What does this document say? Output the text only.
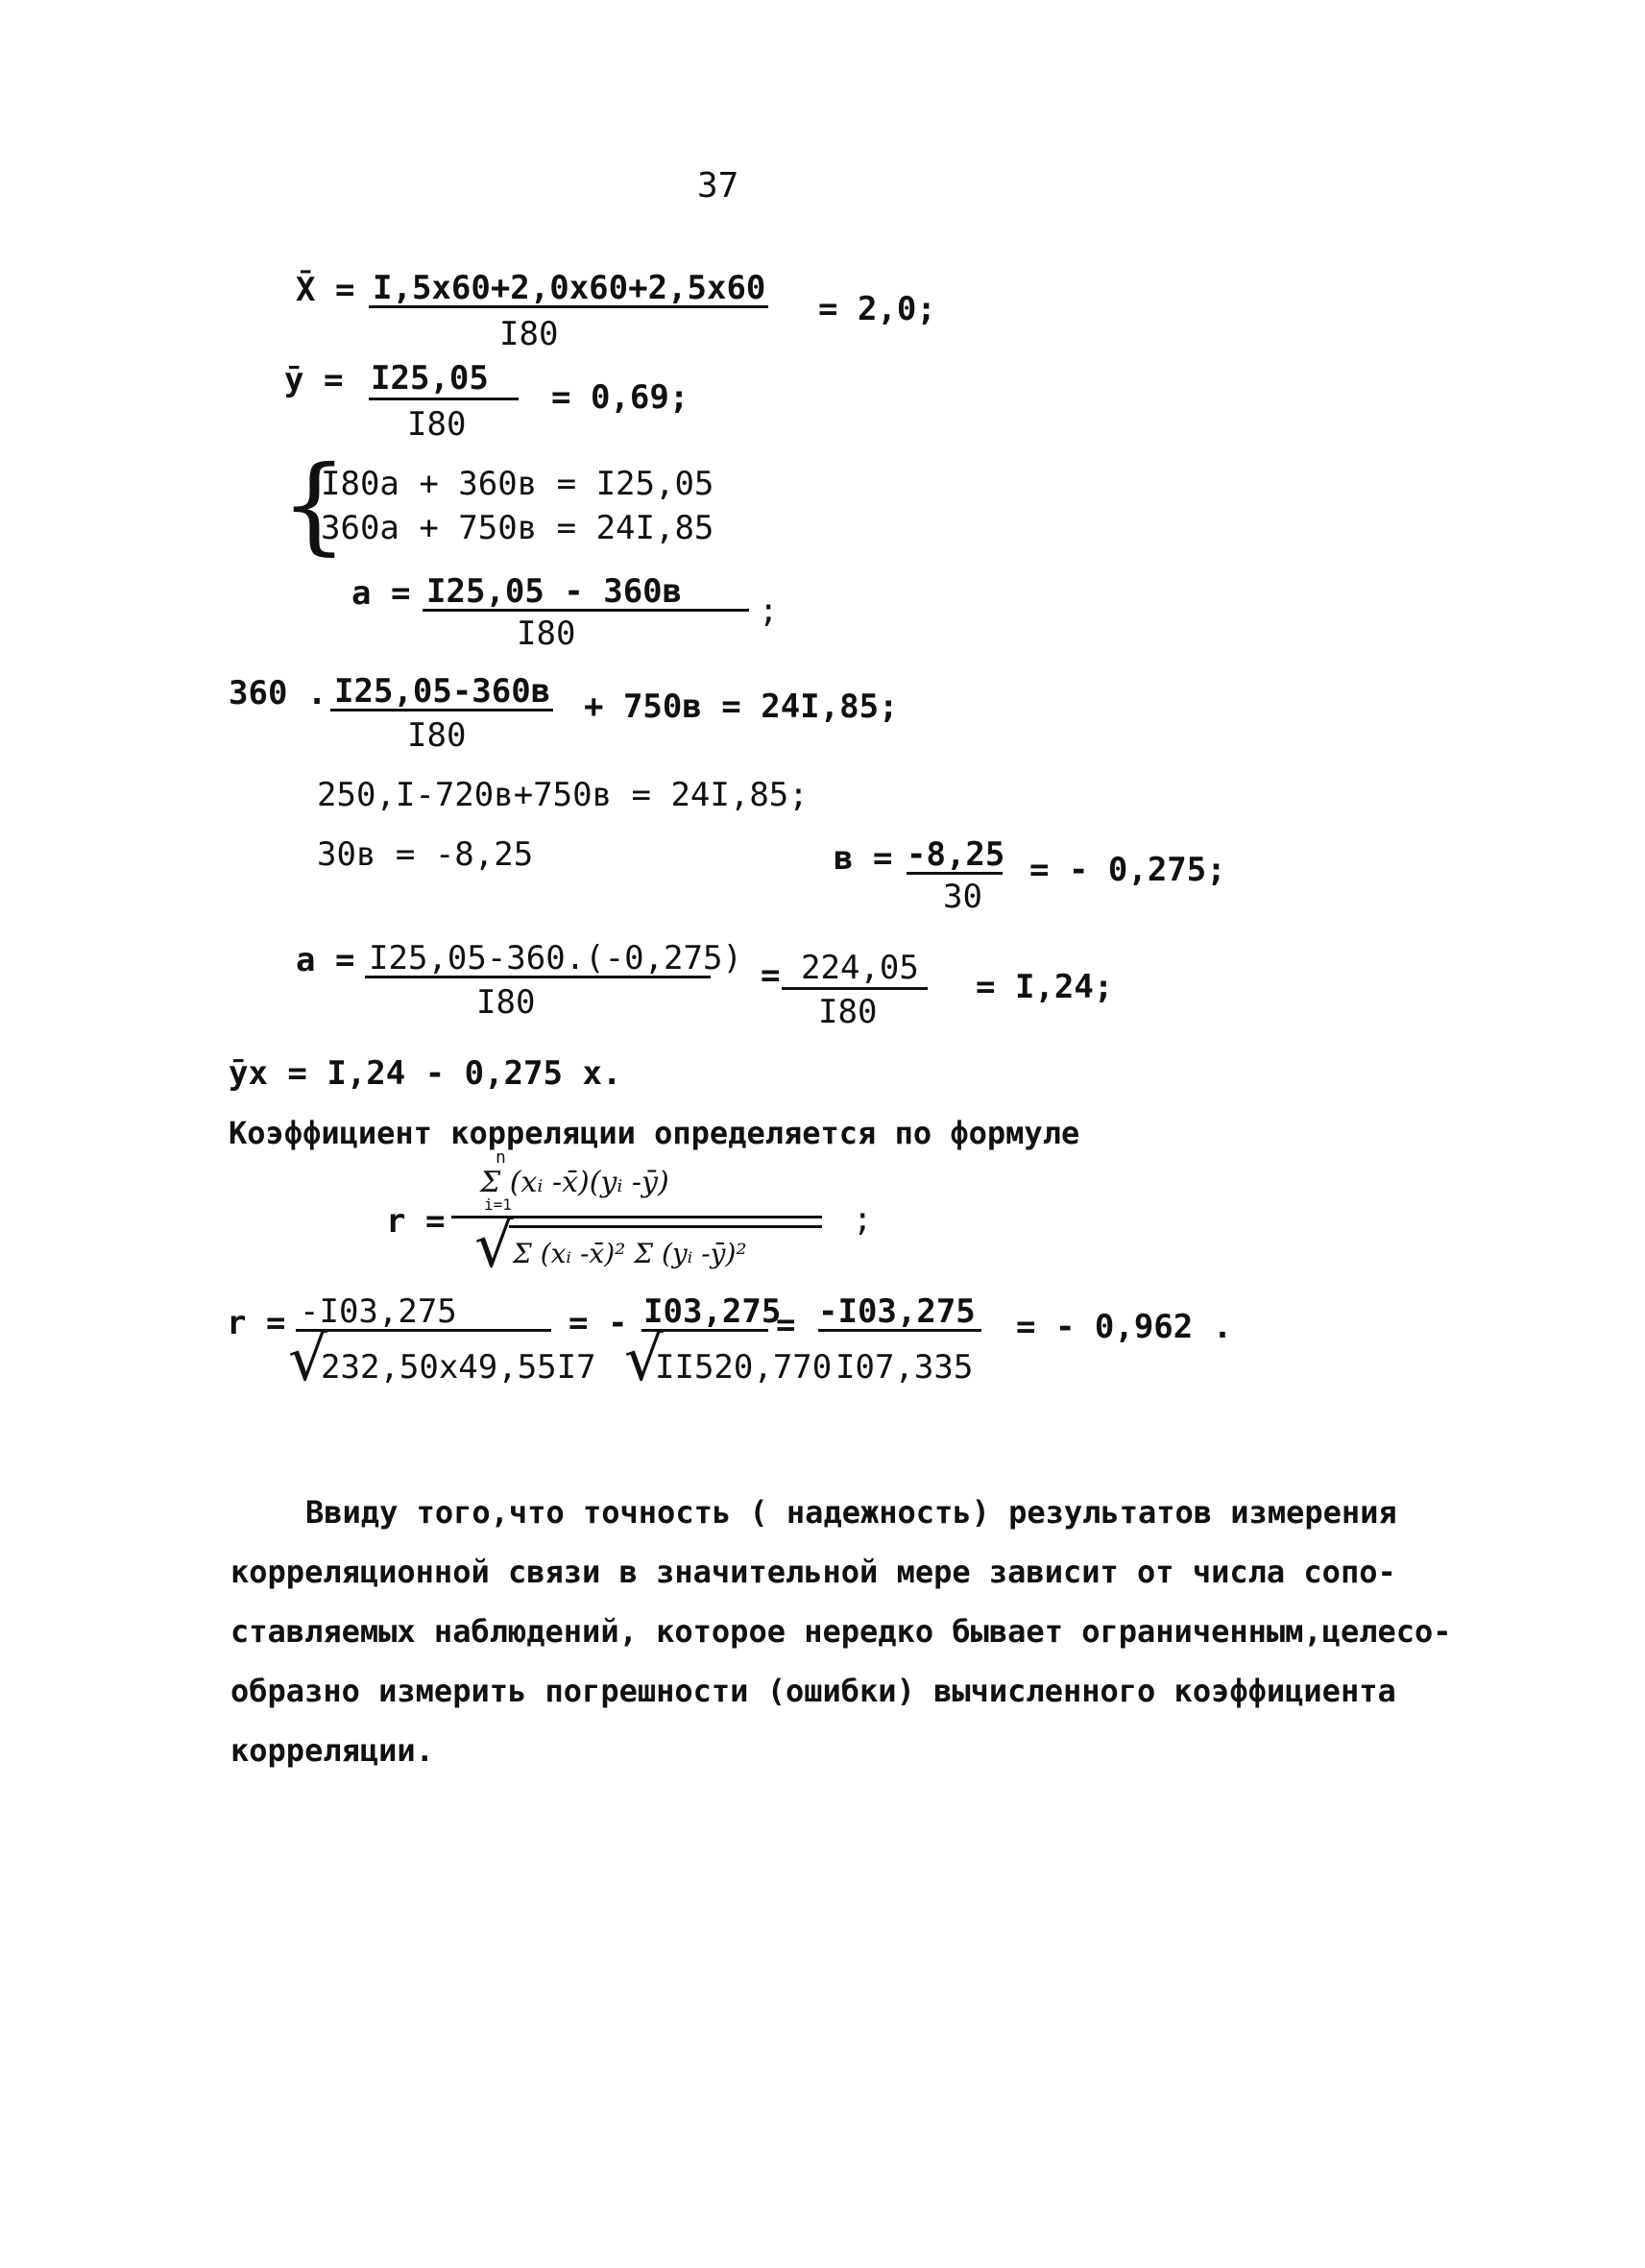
37
X̄ = I,5x60+2,0x60+2,5x60
I80
= 2,0;
ȳ = I25,05
I80
= 0,69;
{
I80a + 360в = I25,05
360a + 750в = 24I,85
a = I25,05 - 360в
I80
;
360 . I25,05-360в
I80
+ 750в = 24I,85;
250,I-720в+750в = 24I,85;
30в = -8,25	в = -8,25
30
= - 0,275;
a = I25,05-360.(-0,275)
I80
= 224,05
I80
= I,24;
ȳx = I,24 - 0,275 x.
Коэффициент корреляции определяется по формуле
r =
n
Σ (xᵢ -x̄)(yᵢ -ȳ)
i=1
√ Σ (xᵢ -x̄)² Σ (yᵢ -ȳ)²
;
r = -I03,275
√
232,50x49,55I7
= - I03,275
√
II520,770
= -I03,275
I07,335
= - 0,962 .
Ввиду того,что точность ( надежность) результатов измерения
корреляционной связи в значительной мере зависит от числа сопо-
ставляемых наблюдений, которое нередко бывает ограниченным,целесо-
образно измерить погрешности (ошибки) вычисленного коэффициента
корреляции.
